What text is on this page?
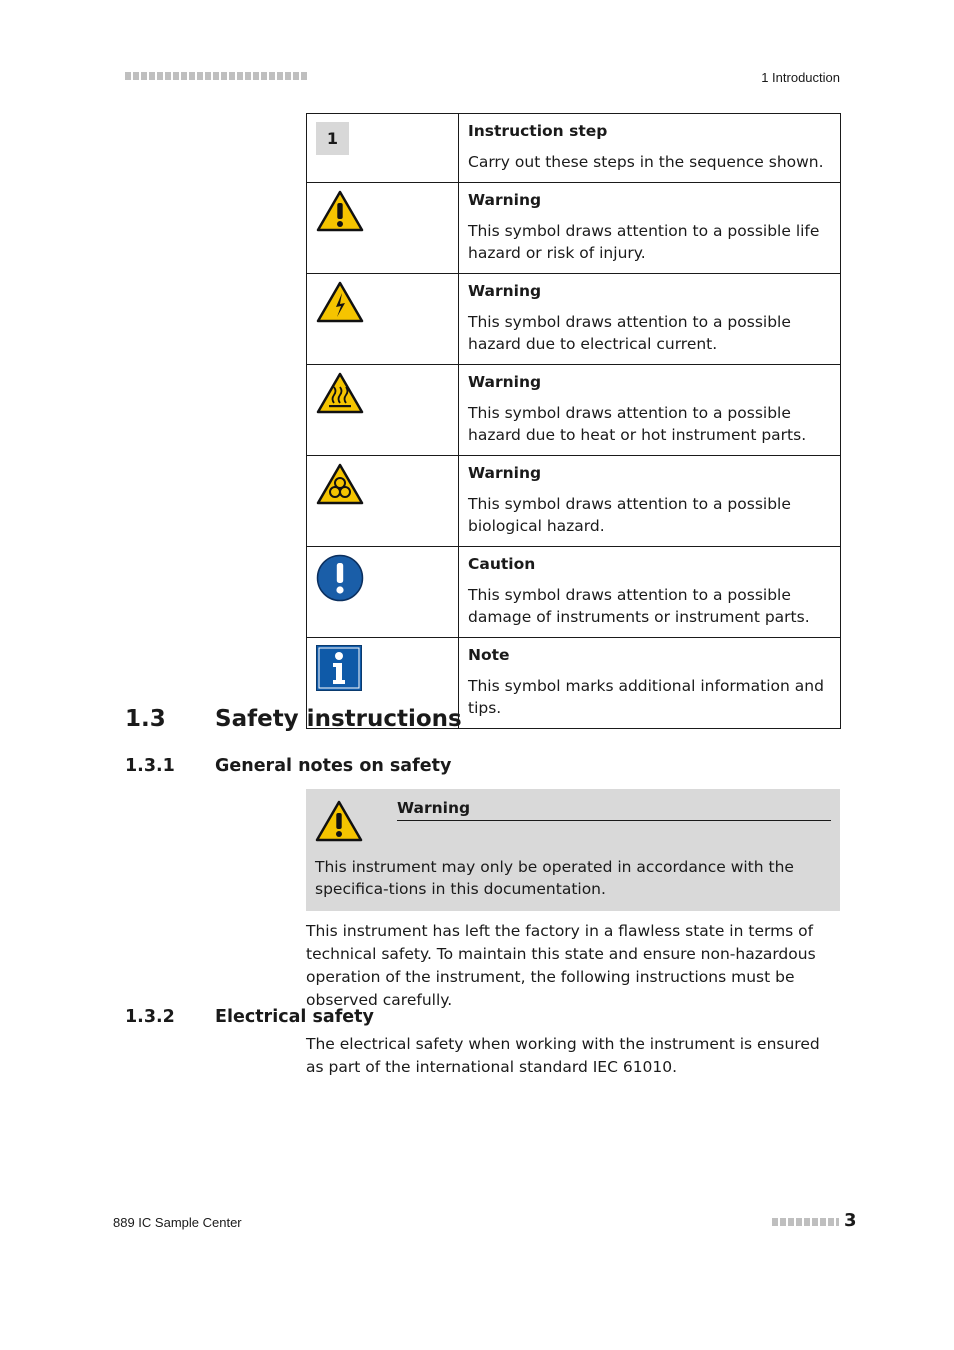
1 Introduction
1	Instruction step
Carry out these steps in the sequence shown.

Warning
This symbol draws attention to a possible life hazard or risk of injury.

Warning
This symbol draws attention to a possible hazard due to electrical current.

Warning
This symbol draws attention to a possible hazard due to heat or hot instrument parts.

Warning
This symbol draws attention to a possible biological hazard.

Caution
This symbol draws attention to a possible damage of instruments or instrument parts.

Note
This symbol marks additional information and tips.
1.3 Safety instructions
1.3.1 General notes on safety
Warning
This instrument may only be operated in accordance with the specifica-tions in this documentation.
This instrument has left the factory in a flawless state in terms of technical safety. To maintain this state and ensure non-hazardous operation of the instrument, the following instructions must be observed carefully.
1.3.2 Electrical safety
The electrical safety when working with the instrument is ensured as part of the international standard IEC 61010.
889 IC Sample Center	3
